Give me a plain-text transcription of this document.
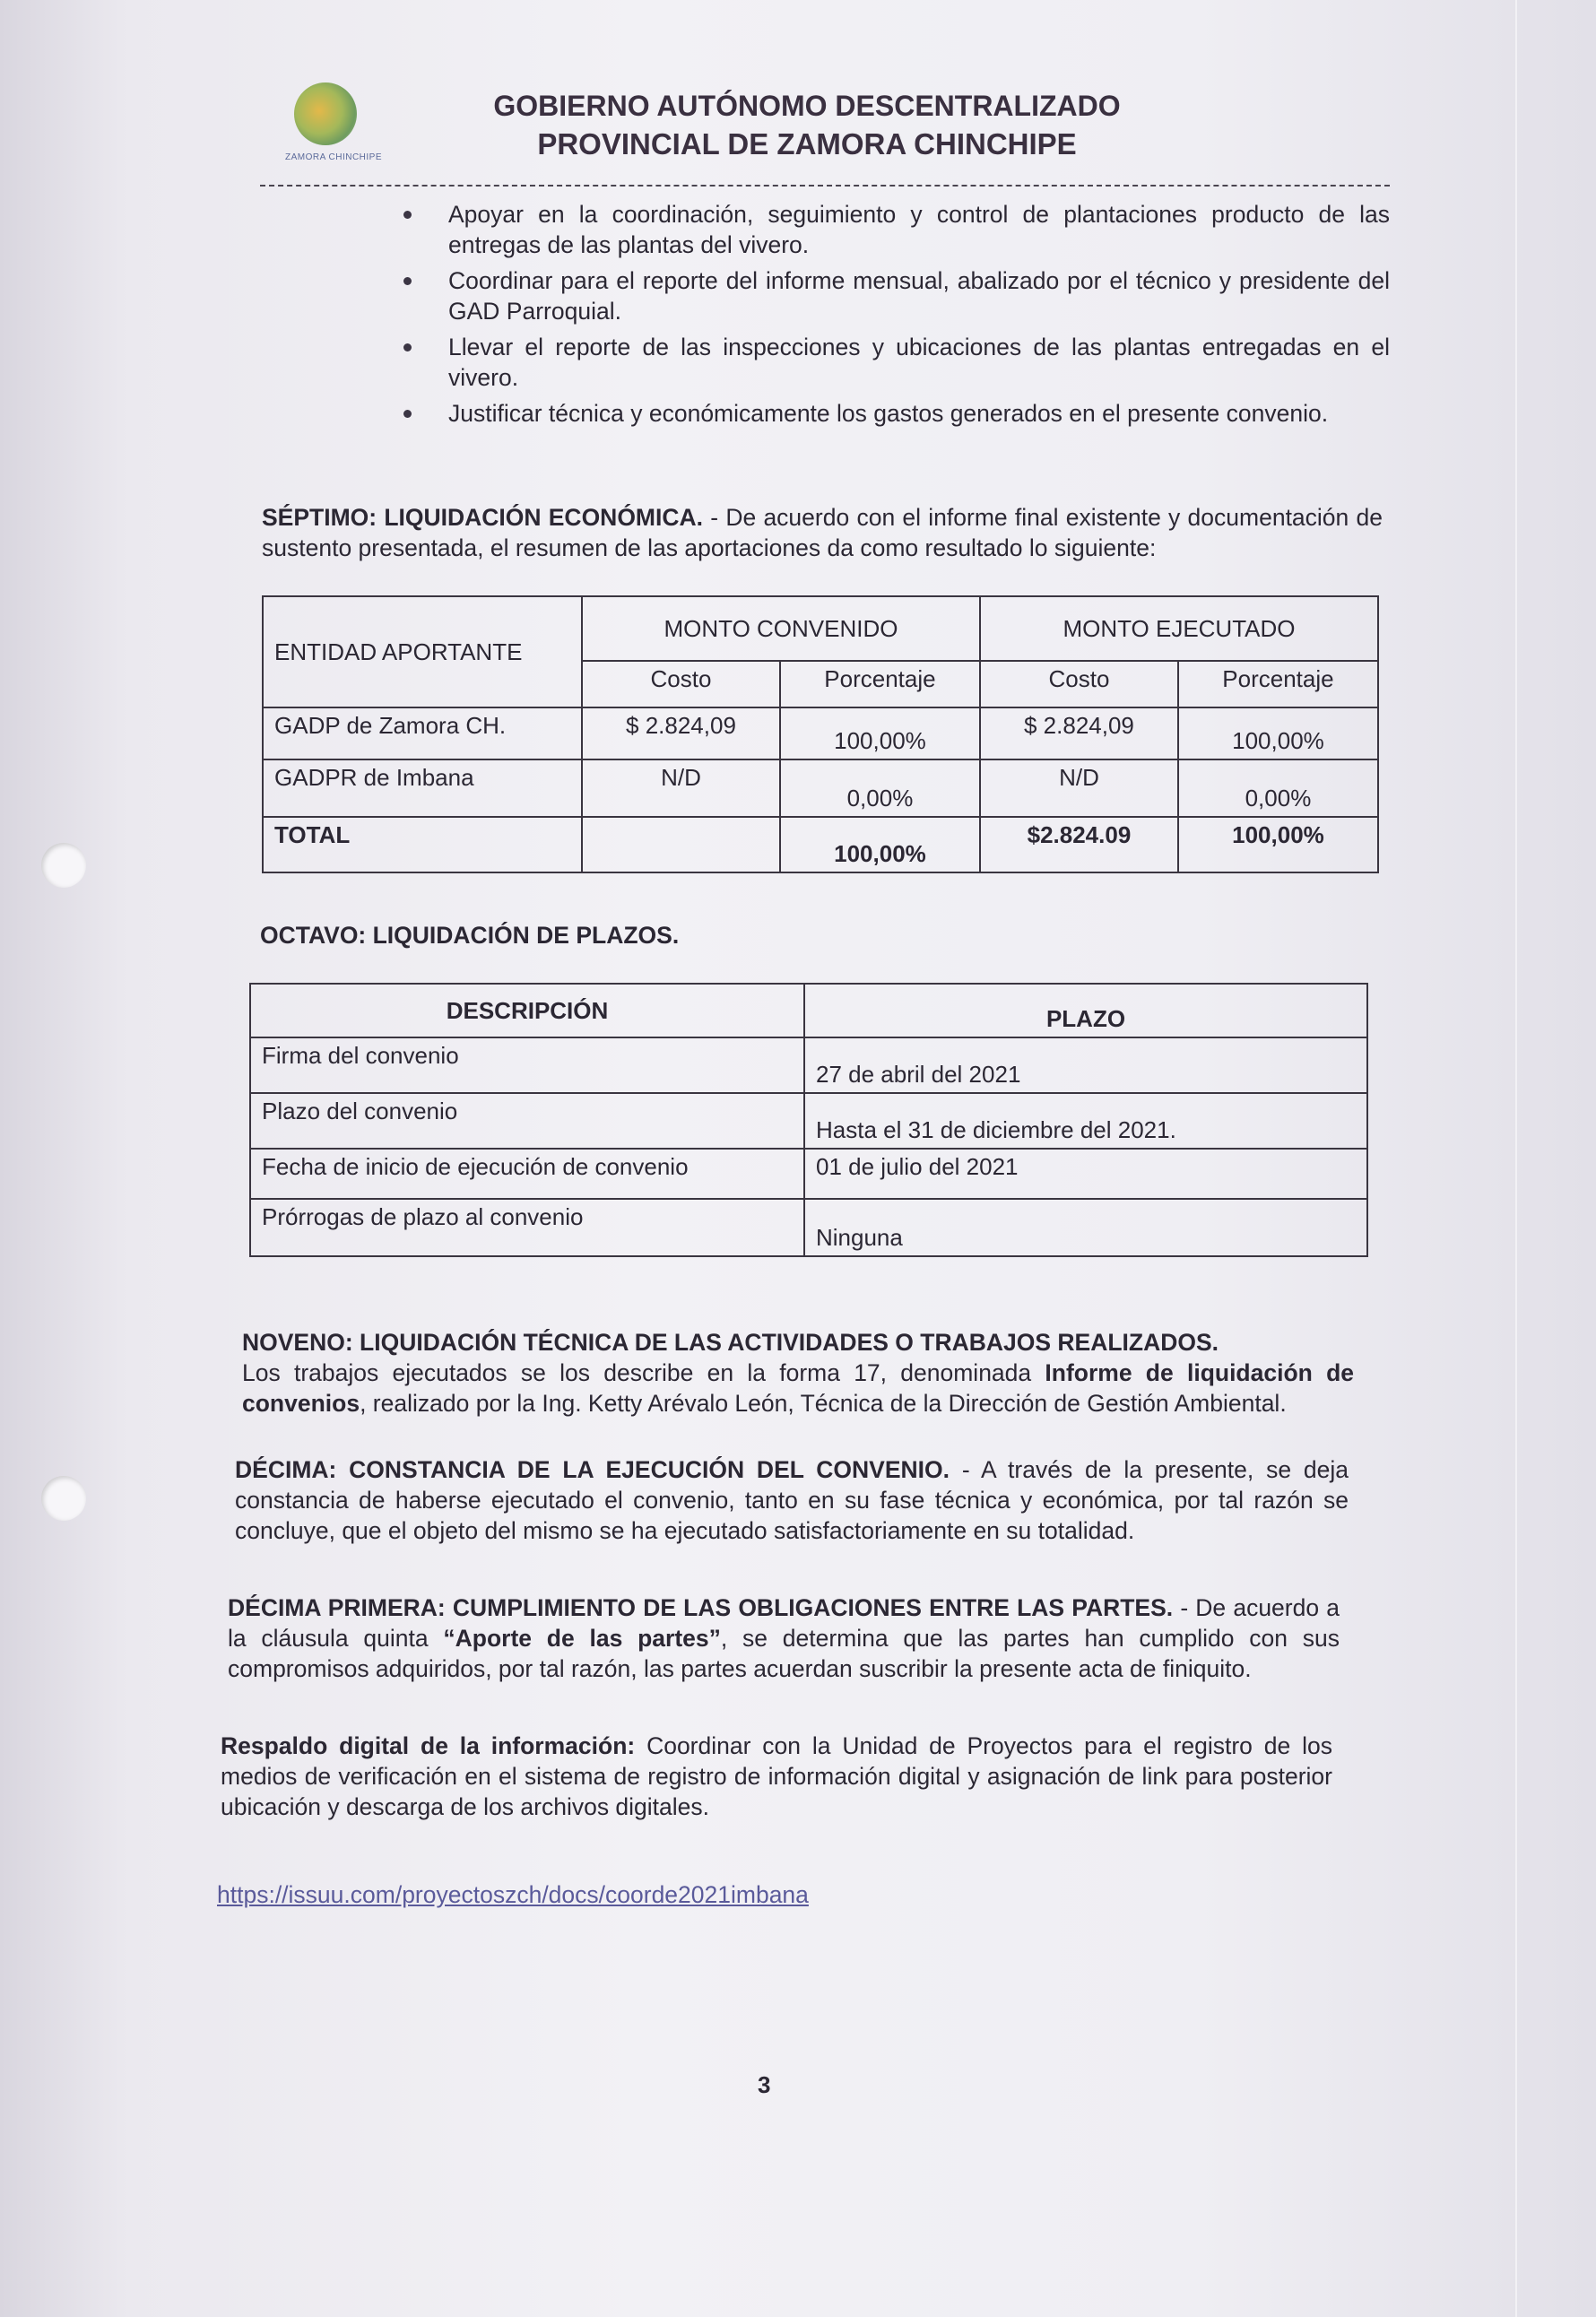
ZAMORA CHINCHIPE
GOBIERNO AUTÓNOMO DESCENTRALIZADO
PROVINCIAL DE ZAMORA CHINCHIPE
Apoyar en la coordinación, seguimiento y control de plantaciones producto de las entregas de las plantas del vivero.
Coordinar para el reporte del informe mensual, abalizado por el técnico y presidente del GAD Parroquial.
Llevar el reporte de las inspecciones y ubicaciones de las plantas entregadas en el vivero.
Justificar técnica y económicamente los gastos generados en el presente convenio.
SÉPTIMO: LIQUIDACIÓN ECONÓMICA. - De acuerdo con el informe final existente y documentación de sustento presentada, el resumen de las aportaciones da como resultado lo siguiente:
ENTIDAD APORTANTE	MONTO CONVENIDO		MONTO EJECUTADO	
	Costo	Porcentaje	Costo	Porcentaje
GADP de Zamora CH.	$ 2.824,09	100,00%	$ 2.824,09	100,00%
GADPR de Imbana	N/D	0,00%	N/D	0,00%
TOTAL		100,00%	$2.824.09	100,00%
OCTAVO: LIQUIDACIÓN DE PLAZOS.
DESCRIPCIÓN	PLAZO
Firma del convenio	27 de abril del 2021
Plazo del convenio	Hasta el 31 de diciembre del 2021.
Fecha de inicio de ejecución de convenio	01 de julio del 2021
Prórrogas de plazo al convenio	Ninguna
NOVENO: LIQUIDACIÓN TÉCNICA DE LAS ACTIVIDADES O TRABAJOS REALIZADOS.
Los trabajos ejecutados se los describe en la forma 17, denominada Informe de liquidación de convenios, realizado por la Ing. Ketty Arévalo León, Técnica de la Dirección de Gestión Ambiental.
DÉCIMA: CONSTANCIA DE LA EJECUCIÓN DEL CONVENIO. - A través de la presente, se deja constancia de haberse ejecutado el convenio, tanto en su fase técnica y económica, por tal razón se concluye, que el objeto del mismo se ha ejecutado satisfactoriamente en su totalidad.
DÉCIMA PRIMERA: CUMPLIMIENTO DE LAS OBLIGACIONES ENTRE LAS PARTES. - De acuerdo a la cláusula quinta “Aporte de las partes”, se determina que las partes han cumplido con sus compromisos adquiridos, por tal razón, las partes acuerdan suscribir la presente acta de finiquito.
Respaldo digital de la información: Coordinar con la Unidad de Proyectos para el registro de los medios de verificación en el sistema de registro de información digital y asignación de link para posterior ubicación y descarga de los archivos digitales.
https://issuu.com/proyectoszch/docs/coorde2021imbana
3
